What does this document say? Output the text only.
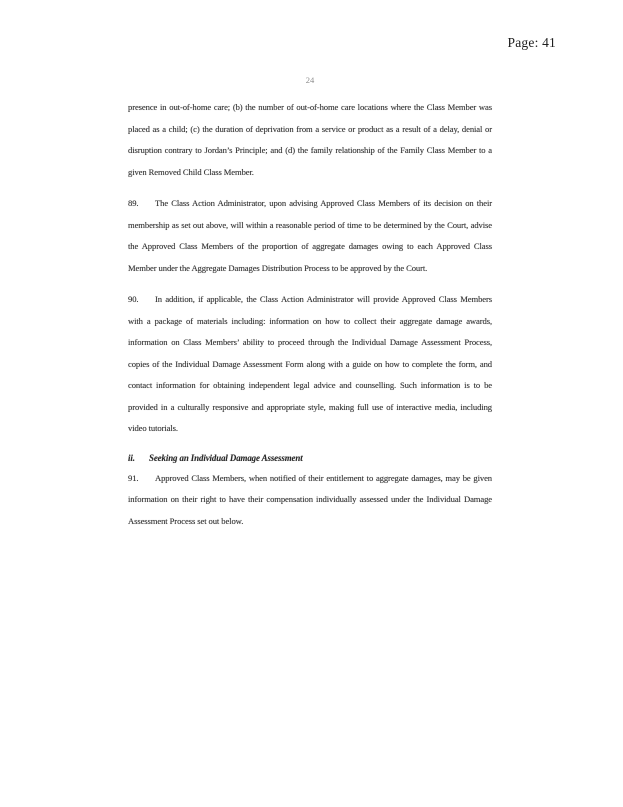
Page: 41
24

presence in out-of-home care; (b) the number of out-of-home care locations where the Class Member was placed as a child; (c) the duration of deprivation from a service or product as a result of a delay, denial or disruption contrary to Jordan’s Principle; and (d) the family relationship of the Family Class Member to a given Removed Child Class Member.

89. The Class Action Administrator, upon advising Approved Class Members of its decision on their membership as set out above, will within a reasonable period of time to be determined by the Court, advise the Approved Class Members of the proportion of aggregate damages owing to each Approved Class Member under the Aggregate Damages Distribution Process to be approved by the Court.

90. In addition, if applicable, the Class Action Administrator will provide Approved Class Members with a package of materials including: information on how to collect their aggregate damage awards, information on Class Members’ ability to proceed through the Individual Damage Assessment Process, copies of the Individual Damage Assessment Form along with a guide on how to complete the form, and contact information for obtaining independent legal advice and counselling. Such information is to be provided in a culturally responsive and appropriate style, making full use of interactive media, including video tutorials.

ii. Seeking an Individual Damage Assessment

91. Approved Class Members, when notified of their entitlement to aggregate damages, may be given information on their right to have their compensation individually assessed under the Individual Damage Assessment Process set out below.
